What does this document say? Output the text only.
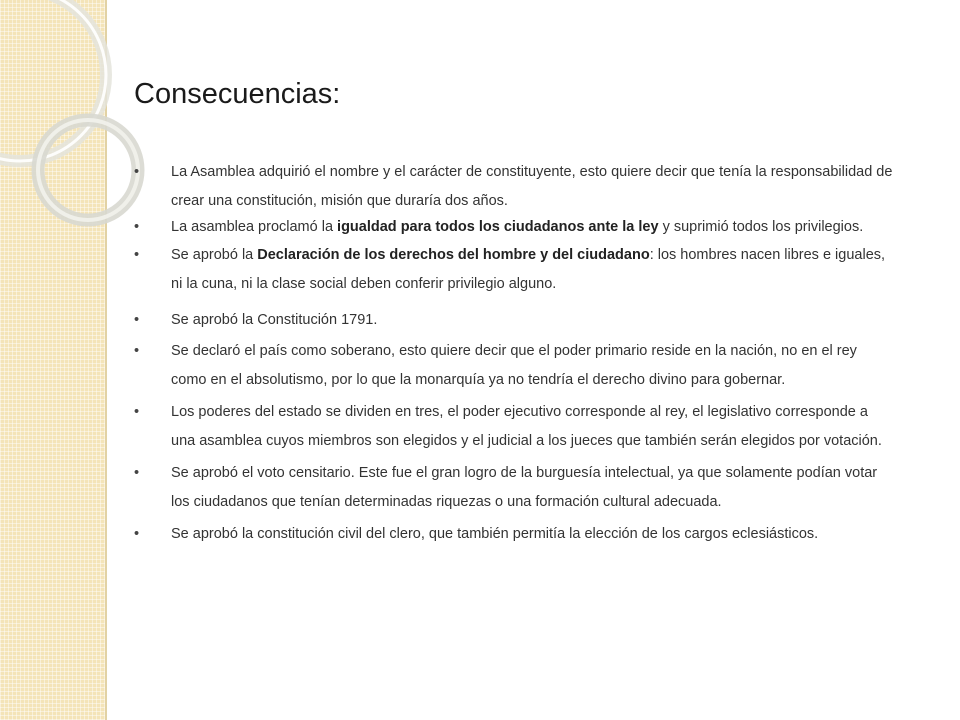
Consecuencias:
• La Asamblea adquirió el nombre y el carácter de constituyente, esto quiere decir que tenía la responsabilidad de crear una constitución, misión que duraría dos años.
• La asamblea proclamó la igualdad para todos los ciudadanos ante la ley y suprimió todos los privilegios.
• Se aprobó la Declaración de los derechos del hombre y del ciudadano: los hombres nacen libres e iguales, ni la cuna, ni la clase social deben conferir privilegio alguno.
• Se aprobó la Constitución 1791.
• Se declaró el país como soberano, esto quiere decir que el poder primario reside en la nación, no en el rey como en el absolutismo, por lo que la monarquía ya no tendría el derecho divino para gobernar.
• Los poderes del estado se dividen en tres, el poder ejecutivo corresponde al rey, el legislativo corresponde a una asamblea cuyos miembros son elegidos y el judicial a los jueces que también serán elegidos por votación.
• Se aprobó el voto censitario. Este fue el gran logro de la burguesía intelectual, ya que solamente podían votar los ciudadanos que tenían determinadas riquezas o una formación cultural adecuada.
• Se aprobó la constitución civil del clero, que también permitía la elección de los cargos eclesiásticos.
